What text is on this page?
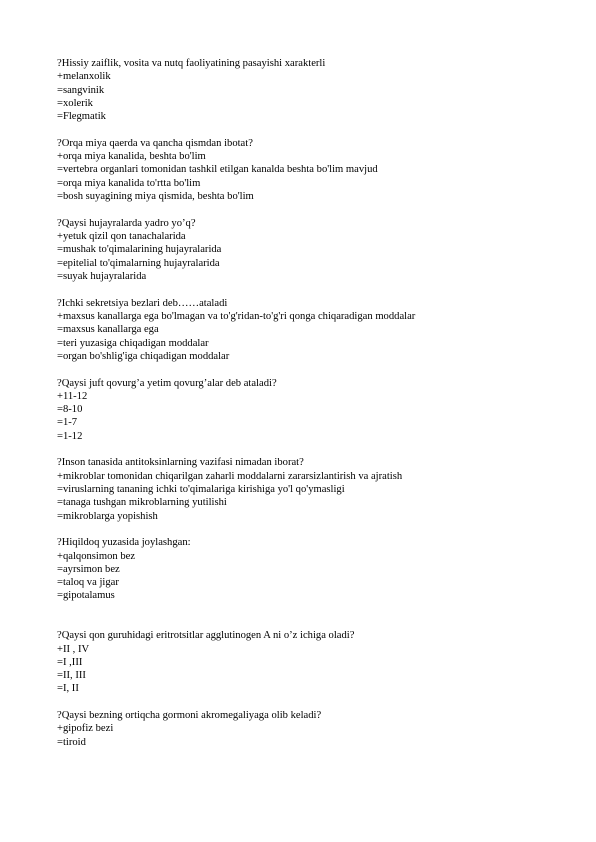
?Hissiy zaiflik, vosita va nutq faoliyatining pasayishi xarakterli
+melanxolik
=sangvinik
=xolerik
=Flegmatik
?Orqa miya qaerda va qancha qismdan ibotat?
+orqa miya kanalida, beshta bo'lim
=vertebra organlari tomonidan tashkil etilgan kanalda beshta bo'lim mavjud
=orqa miya kanalida to'rtta bo'lim
=bosh suyagining miya qismida, beshta bo'lim
?Qaysi hujayralarda yadro yo’q?
+yetuk qizil qon tanachalarida
=mushak to'qimalarining hujayralarida
=epitelial to'qimalarning hujayralarida
=suyak hujayralarida
?Ichki sekretsiya bezlari deb……ataladi
+maxsus kanallarga ega bo'lmagan va to'g'ridan-to'g'ri qonga chiqaradigan moddalar
=maxsus kanallarga ega
=teri yuzasiga chiqadigan moddalar
=organ bo'shlig'iga chiqadigan moddalar
?Qaysi juft qovurg’a yetim qovurg’alar deb ataladi?
+11-12
=8-10
=1-7
=1-12
?Inson tanasida antitoksinlarning vazifasi nimadan iborat?
+mikroblar tomonidan chiqarilgan zaharli moddalarni zararsizlantirish va ajratish
=viruslarning tananing ichki to'qimalariga kirishiga yo'l qo'ymasligi
=tanaga tushgan mikroblarning yutilishi
=mikroblarga yopishish
?Hiqildoq yuzasida joylashgan:
+qalqonsimon bez
=ayrsimon bez
=taloq va jigar
=gipotalamus
?Qaysi qon guruhidagi eritrotsitlar agglutinogen A ni o’z ichiga oladi?
+II , IV
=I ,III
=II, III
=I, II
?Qaysi bezning ortiqcha gormoni akromegaliyaga olib keladi?
+gipofiz bezi
=tiroid
